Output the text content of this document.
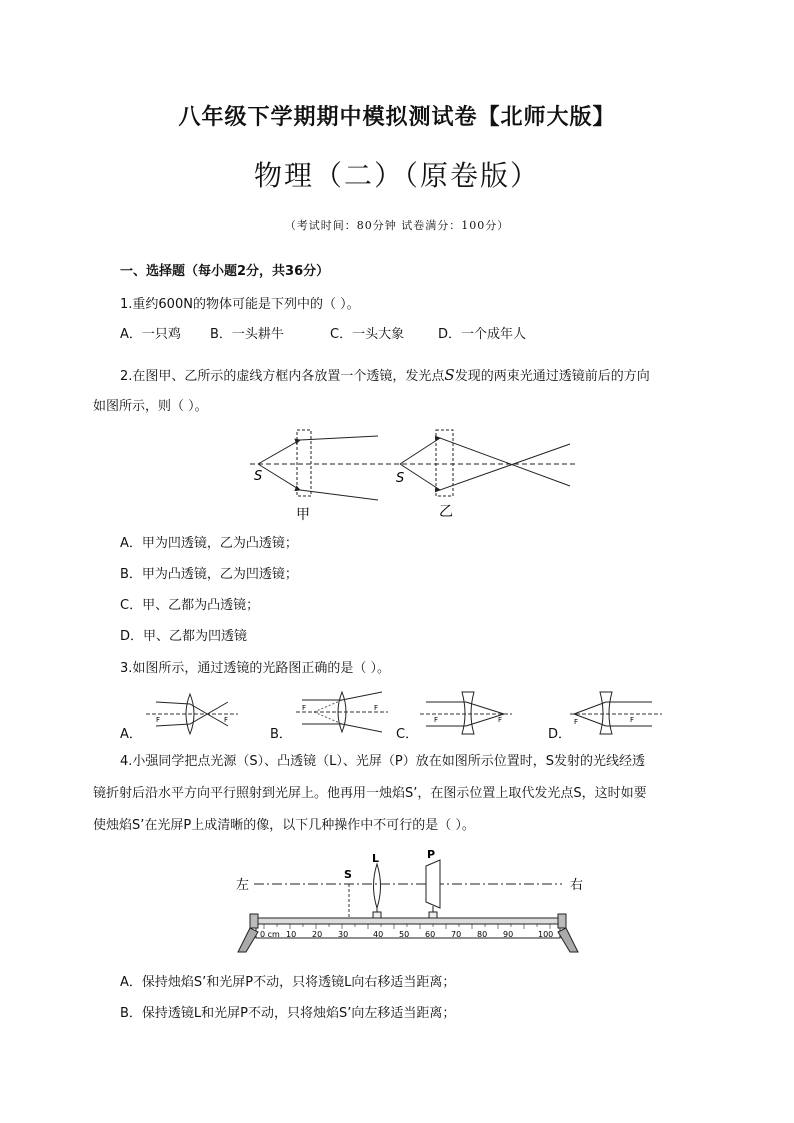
八年级下学期期中模拟测试卷【北师大版】
物理（二）（原卷版）
（考试时间：80分钟 试卷满分：100分）
一、选择题（每小题2分，共36分）
1.重约600N的物体可能是下列中的（ ）。
A．一只鸡 B．一头耕牛	C．一头大象	D．一个成年人
2.在图甲、乙所示的虚线方框内各放置一个透镜，发光点S发现的两束光通过透镜前后的方向
如图所示，则（ ）。
S
甲
S
乙
A．甲为凹透镜，乙为凸透镜；
B．甲为凸透镜，乙为凹透镜；
C．甲、乙都为凸透镜；
D．甲、乙都为凹透镜
3.如图所示，通过透镜的光路图正确的是（ ）。
A．	B．	C．	D．
F	F
F	F
F	F	F	F
4.小强同学把点光源（S）、凸透镜（L）、光屏（P）放在如图所示位置时，S发射的光线经透
镜折射后沿水平方向平行照射到光屏上。他再用一烛焰S’，在图示位置上取代发光点S，这时如要
使烛焰S’在光屏P上成清晰的像，以下几种操作中不可行的是（ ）。
左	右
S
L	P
0 cm 10 20 30	40 50 60 70 80 90	100
A．保持烛焰S’和光屏P不动，只将透镜L向右移适当距离；
B．保持透镜L和光屏P不动，只将烛焰S’向左移适当距离；
